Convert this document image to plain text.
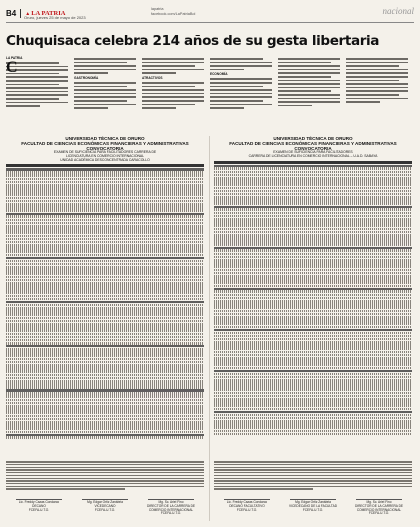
B4
▲	LA PATRIA
Oruro, jueves 25 de mayo de 2023
lapatria
facebook.com/LaPatriaBol	nacional
Chuquisaca celebra 214 años de su gesta libertaria
LA PATRIA
C
GASTRONOMÍA	ATRACTIVOS
ECONOMÍA
UNIVERSIDAD TÉCNICA DE ORURO
FACULTAD DE CIENCIAS ECONÓMICAS FINANCIERAS Y ADMINISTRATIVAS
CONVOCATORIA
EXAMEN DE SUFICIENCIA PARA FACILITADORES CARRERA DE
LICENCIATURA EN COMERCIO INTERNACIONAL
UNIDAD ACADÉMICA DESCONCENTRADA CARACOLLO
UNIVERSIDAD TÉCNICA DE ORURO
FACULTAD DE CIENCIAS ECONÓMICAS FINANCIERAS Y ADMINISTRATIVAS
CONVOCATORIA
EXAMEN DE SUFICIENCIA PARA FACILITADORES
CARRERA DE LICENCIATURA EN COMERCIO INTERNACIONAL – U.A.D. SABAYA
Lic. Freddy Cazas Condarco
DECANO
FCEFA-U.T.O.
Mg. Edgar Ortiz Zanábria
VICEDECANO
FCEFA-U.T.O.
Mg. Sc. Ariel Fino
DIRECTOR DE LA CARRERA DE
COMERCIO INTERNACIONAL
FCEFA-U.T.O.
Lic. Freddy Cazas Condarco
DECANO FACULTATIVO
FCEFA-U.T.O.
Mg. Edgar Ortiz Zanábria
VICEDECANO DE LA FACULTAD
FCEFA-U.T.O.
Mg. Sc. Ariel Fino
DIRECTOR DE LA CARRERA DE
COMERCIO INTERNACIONAL
FCEFA-U.T.O.
